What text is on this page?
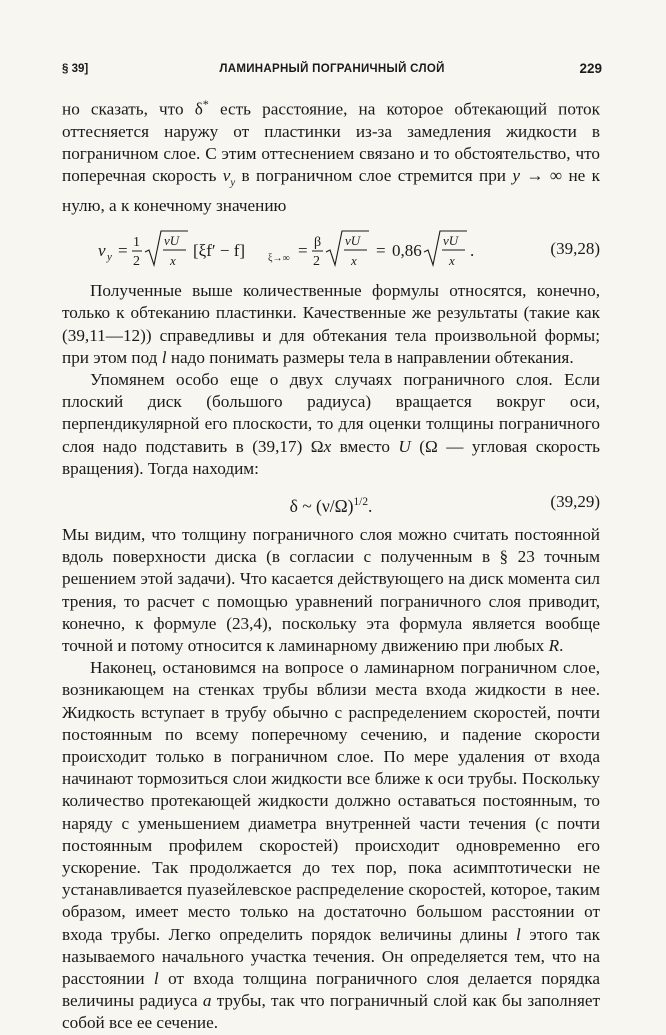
§ 39]	ЛАМИНАРНЫЙ ПОГРАНИЧНЫЙ СЛОЙ	229

но сказать, что δ* есть расстояние, на которое обтекающий поток оттесняется наружу от пластинки из-за замедления жидкости в пограничном слое. С этим оттеснением связано и то обстоятельство, что поперечная скорость $v_y$ в пограничном слое стремится при y → ∞ не к нулю, а к конечному значению

v y = 1
2
νU
x
[ξf′ − f] ξ→∞ = β
2
νU
x
= 0,86
νU
x
.	(39,28)

Полученные выше количественные формулы относятся, конечно, только к обтеканию пластинки. Качественные же результаты (такие как (39,11—12)) справедливы и для обтекания тела произвольной формы; при этом под l надо понимать размеры тела в направлении обтекания.

Упомянем особо еще о двух случаях пограничного слоя. Если плоский диск (большого радиуса) вращается вокруг оси, перпендикулярной его плоскости, то для оценки толщины пограничного слоя надо подставить в (39,17) Ωx вместо U (Ω — угловая скорость вращения). Тогда находим:

δ ~ $(\nu/\Omega)^{1/2}$.	(39,29)

Мы видим, что толщину пограничного слоя можно считать постоянной вдоль поверхности диска (в согласии с полученным в § 23 точным решением этой задачи). Что касается действующего на диск момента сил трения, то расчет с помощью уравнений пограничного слоя приводит, конечно, к формуле (23,4), поскольку эта формула является вообще точной и потому относится к ламинарному движению при любых R.

Наконец, остановимся на вопросе о ламинарном пограничном слое, возникающем на стенках трубы вблизи места входа жидкости в нее. Жидкость вступает в трубу обычно с распределением скоростей, почти постоянным по всему поперечному сечению, и падение скорости происходит только в пограничном слое. По мере удаления от входа начинают тормозиться слои жидкости все ближе к оси трубы. Поскольку количество протекающей жидкости должно оставаться постоянным, то наряду с уменьшением диаметра внутренней части течения (с почти постоянным профилем скоростей) происходит одновременно его ускорение. Так продолжается до тех пор, пока асимптотически не устанавливается пуазейлевское распределение скоростей, которое, таким образом, имеет место только на достаточно большом расстоянии от входа трубы. Легко определить порядок величины длины l этого так называемого начального участка течения. Он определяется тем, что на расстоянии l от входа толщина пограничного слоя делается порядка величины радиуса a трубы, так что пограничный слой как бы заполняет собой все ее сечение.
